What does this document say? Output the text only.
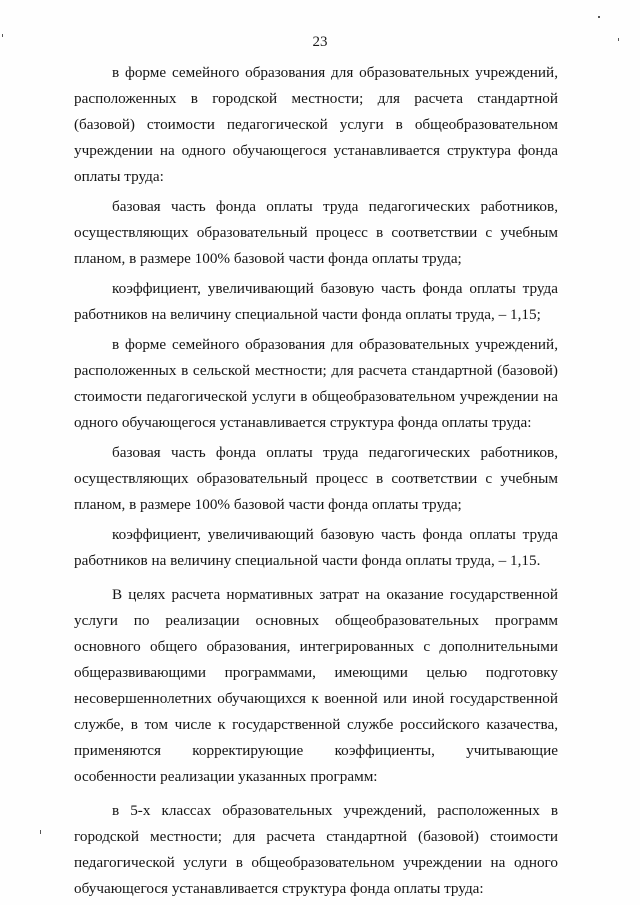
23

в форме семейного образования для образовательных учреждений, расположенных в городской местности; для расчета стандартной (базовой) стоимости педагогической услуги в общеобразовательном учреждении на одного обучающегося устанавливается структура фонда оплаты труда:

базовая часть фонда оплаты труда педагогических работников, осуществляющих образовательный процесс в соответствии с учебным планом, в размере 100% базовой части фонда оплаты труда;

коэффициент, увеличивающий базовую часть фонда оплаты труда работников на величину специальной части фонда оплаты труда, – 1,15;

в форме семейного образования для образовательных учреждений, расположенных в сельской местности; для расчета стандартной (базовой) стоимости педагогической услуги в общеобразовательном учреждении на одного обучающегося устанавливается структура фонда оплаты труда:

базовая часть фонда оплаты труда педагогических работников, осуществляющих образовательный процесс в соответствии с учебным планом, в размере 100% базовой части фонда оплаты труда;

коэффициент, увеличивающий базовую часть фонда оплаты труда работников на величину специальной части фонда оплаты труда, – 1,15.

В целях расчета нормативных затрат на оказание государственной услуги по реализации основных общеобразовательных программ основного общего образования, интегрированных с дополнительными общеразвивающими программами, имеющими целью подготовку несовершеннолетних обучающихся к военной или иной государственной службе, в том числе к государственной службе российского казачества, применяются корректирующие коэффициенты, учитывающие особенности реализации указанных программ:

в 5-х классах образовательных учреждений, расположенных в городской местности; для расчета стандартной (базовой) стоимости педагогической услуги в общеобразовательном учреждении на одного обучающегося устанавливается структура фонда оплаты труда:
